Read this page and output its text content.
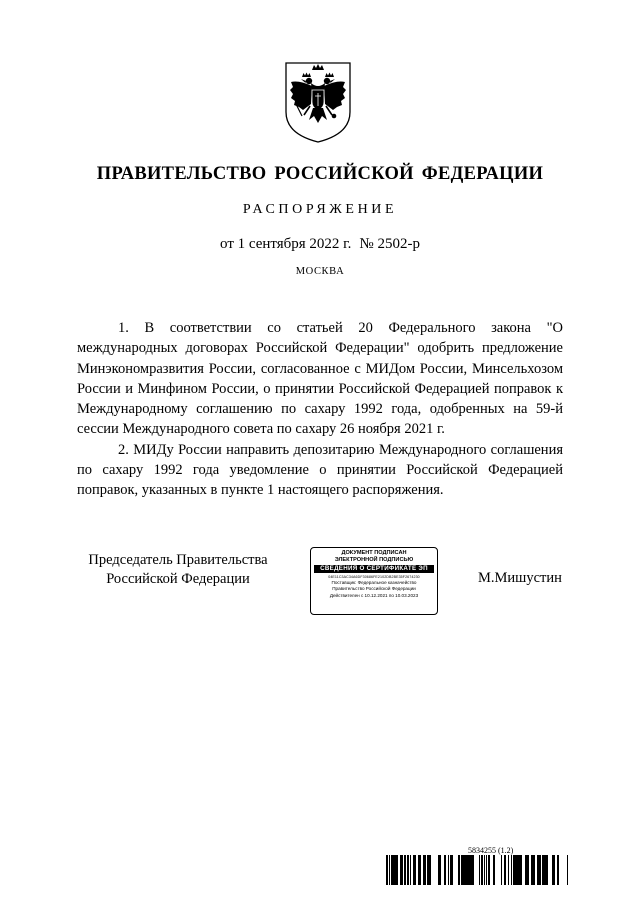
ПРАВИТЕЛЬСТВО РОССИЙСКОЙ ФЕДЕРАЦИИ
РАСПОРЯЖЕНИЕ
от 1 сентября 2022 г. № 2502-р
МОСКВА

1. В соответствии со статьей 20 Федерального закона "О международных договорах Российской Федерации" одобрить предложение Минэкономразвития России, согласованное с МИДом России, Минсельхозом России и Минфином России, о принятии Российской Федерацией поправок к Международному соглашению по сахару 1992 года, одобренных на 59-й сессии Международного совета по сахару 26 ноября 2021 г.

2. МИДу России направить депозитарию Международного соглашения по сахару 1992 года уведомление о принятии Российской Федерацией поправок, указанных в пункте 1 настоящего распоряжения.

Председатель Правительства
Российской Федерации
ДОКУМЕНТ ПОДПИСАН
ЭЛЕКТРОННОЙ ПОДПИСЬЮ
СВЕДЕНИЯ О СЕРТИФИКАТЕ ЭП
04E11C3AC34A6DF30686FE2102DB2BE35F2674230
Поставщик: Федеральное казначейство
Правительство Российской Федерации
Действителен с 10.12.2021 по 10.03.2023
М.Мишустин
5834255 (1.2)
